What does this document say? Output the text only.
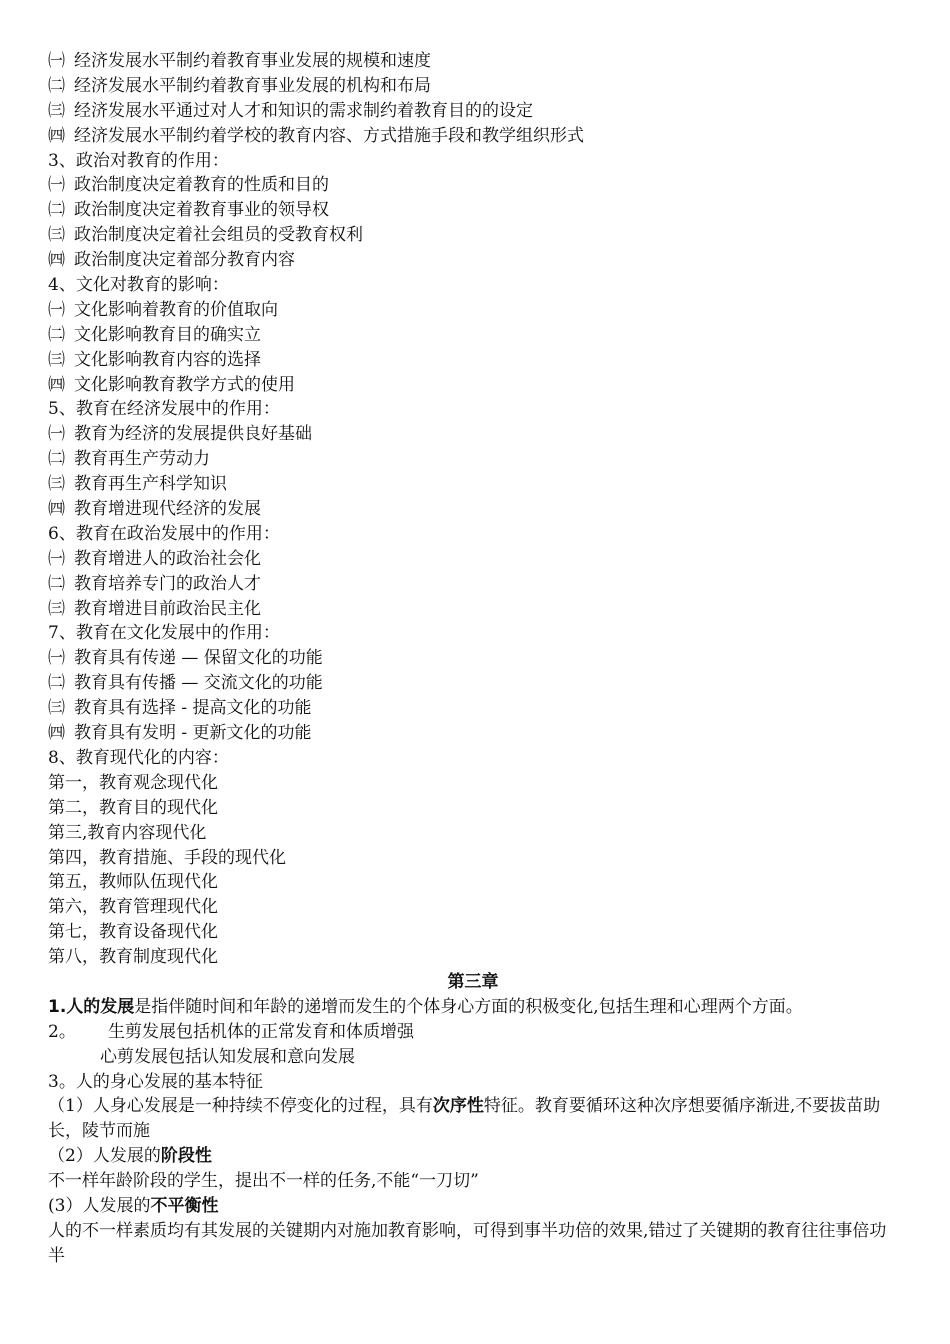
㈠ 经济发展水平制约着教育事业发展的规模和速度
㈡ 经济发展水平制约着教育事业发展的机构和布局
㈢ 经济发展水平通过对人才和知识的需求制约着教育目的的设定
㈣ 经济发展水平制约着学校的教育内容、方式措施手段和教学组织形式
3、政治对教育的作用：
㈠ 政治制度决定着教育的性质和目的
㈡ 政治制度决定着教育事业的领导权
㈢ 政治制度决定着社会组员的受教育权利
㈣ 政治制度决定着部分教育内容
4、文化对教育的影响：
㈠ 文化影响着教育的价值取向
㈡ 文化影响教育目的确实立
㈢ 文化影响教育内容的选择
㈣ 文化影响教育教学方式的使用
5、教育在经济发展中的作用：
㈠ 教育为经济的发展提供良好基础
㈡ 教育再生产劳动力
㈢ 教育再生产科学知识
㈣ 教育增进现代经济的发展
6、教育在政治发展中的作用：
㈠ 教育增进人的政治社会化
㈡ 教育培养专门的政治人才
㈢ 教育增进目前政治民主化
7、教育在文化发展中的作用：
㈠ 教育具有传递 — 保留文化的功能
㈡ 教育具有传播 — 交流文化的功能
㈢ 教育具有选择 - 提高文化的功能
㈣ 教育具有发明 - 更新文化的功能
8、教育现代化的内容：
第一，教育观念现代化
第二，教育目的现代化
第三,教育内容现代化
第四，教育措施、手段的现代化
第五，教师队伍现代化
第六，教育管理现代化
第七，教育设备现代化
第八，教育制度现代化
第三章
1.人的发展是指伴随时间和年龄的递增而发生的个体身心方面的积极变化,包括生理和心理两个方面。
2。 生剪发展包括机体的正常发育和体质增强
心剪发展包括认知发展和意向发展
3。人的身心发展的基本特征
（1）人身心发展是一种持续不停变化的过程，具有次序性特征。教育要循环这种次序想要循序渐进,不要拔苗助长，陵节而施
（2）人发展的阶段性
不一样年龄阶段的学生，提出不一样的任务,不能“一刀切”
(3）人发展的不平衡性
人的不一样素质均有其发展的关键期内对施加教育影响，可得到事半功倍的效果,错过了关键期的教育往往事倍功半
